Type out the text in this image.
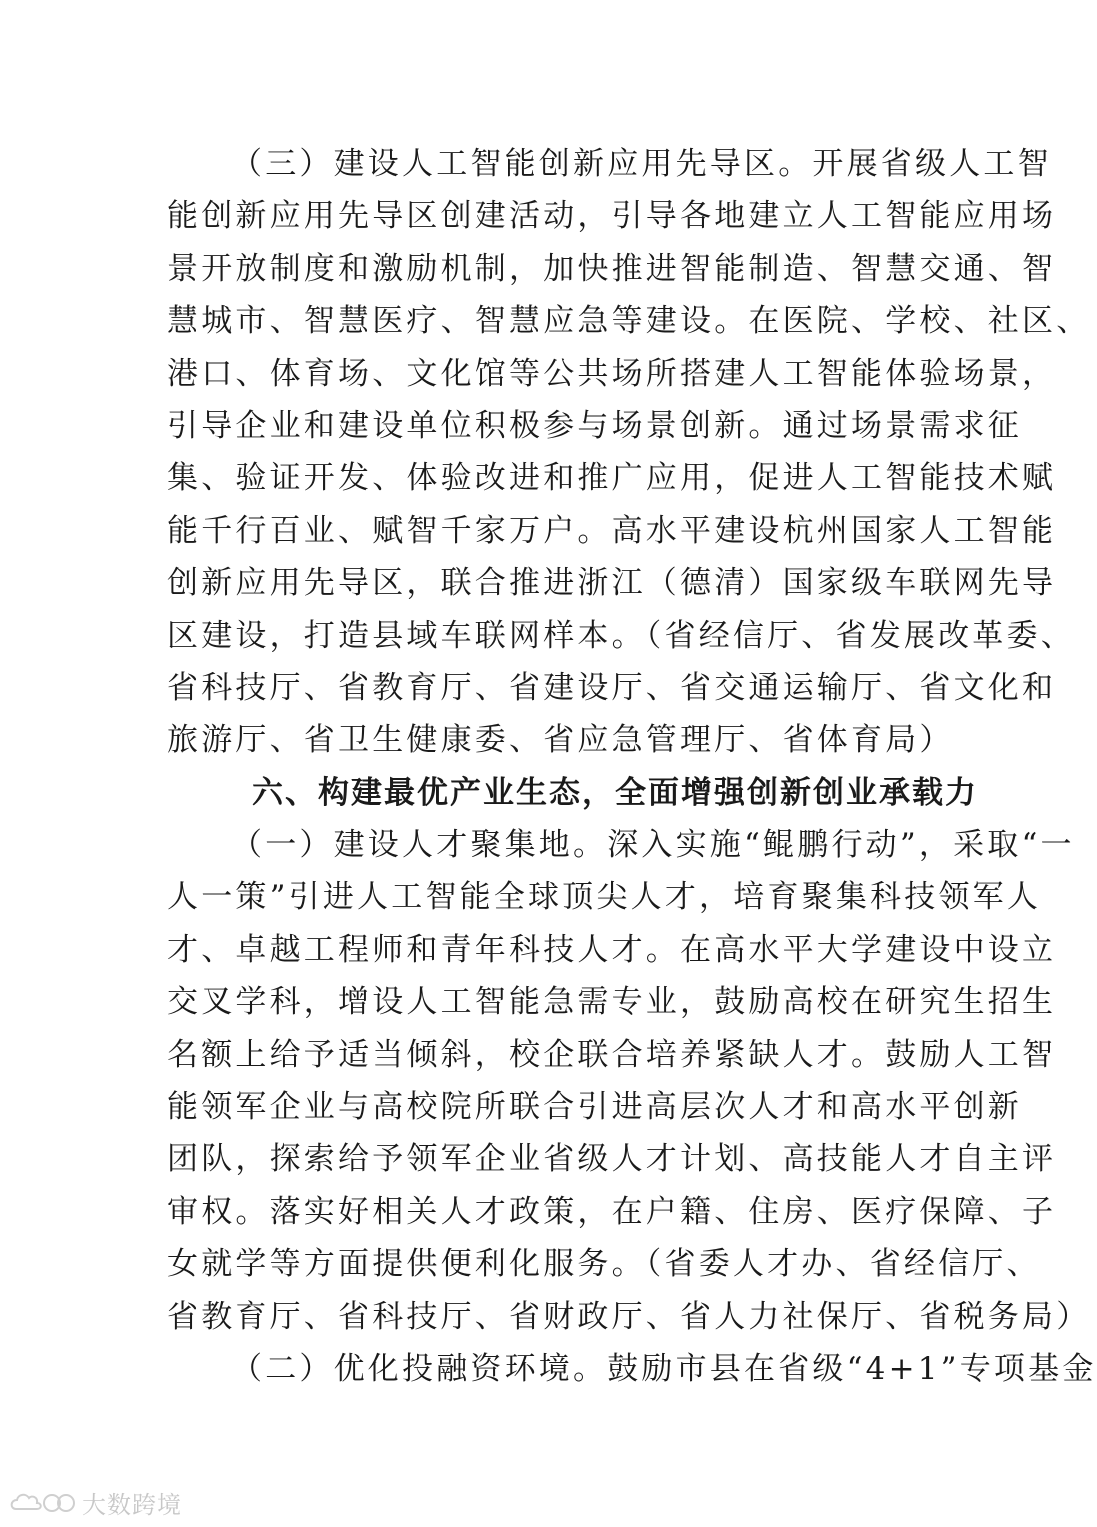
（三）建设人工智能创新应用先导区。开展省级人工智
能创新应用先导区创建活动，引导各地建立人工智能应用场
景开放制度和激励机制，加快推进智能制造、智慧交通、智
慧城市、智慧医疗、智慧应急等建设。在医院、学校、社区、
港口、体育场、文化馆等公共场所搭建人工智能体验场景，
引导企业和建设单位积极参与场景创新。通过场景需求征
集、验证开发、体验改进和推广应用，促进人工智能技术赋
能千行百业、赋智千家万户。高水平建设杭州国家人工智能
创新应用先导区，联合推进浙江（德清）国家级车联网先导
区建设，打造县域车联网样本。（省经信厅、省发展改革委、
省科技厅、省教育厅、省建设厅、省交通运输厅、省文化和
旅游厅、省卫生健康委、省应急管理厅、省体育局）
六、构建最优产业生态，全面增强创新创业承载力
（一）建设人才聚集地。深入实施“鲲鹏行动”，采取“一
人一策”引进人工智能全球顶尖人才，培育聚集科技领军人
才、卓越工程师和青年科技人才。在高水平大学建设中设立
交叉学科，增设人工智能急需专业，鼓励高校在研究生招生
名额上给予适当倾斜，校企联合培养紧缺人才。鼓励人工智
能领军企业与高校院所联合引进高层次人才和高水平创新
团队，探索给予领军企业省级人才计划、高技能人才自主评
审权。落实好相关人才政策，在户籍、住房、医疗保障、子
女就学等方面提供便利化服务。（省委人才办、省经信厅、
省教育厅、省科技厅、省财政厅、省人力社保厅、省税务局）
（二）优化投融资环境。鼓励市县在省级“4+1”专项基金
大数跨境
